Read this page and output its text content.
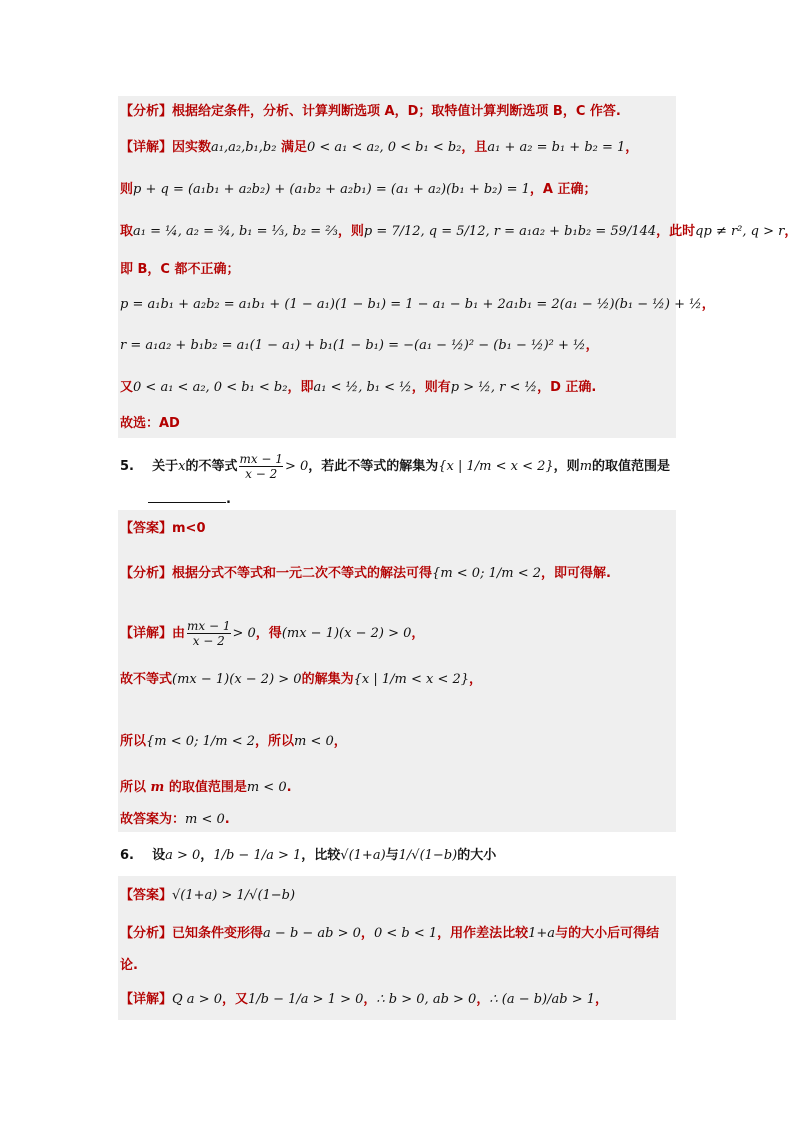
【分析】根据给定条件，分析、计算判断选项 A，D；取特值计算判断选项 B，C 作答.
【详解】因实数a₁,a₂,b₁,b₂ 满足0 < a₁ < a₂, 0 < b₁ < b₂，且a₁ + a₂ = b₁ + b₂ = 1，
则p + q = (a₁b₁ + a₂b₂) + (a₁b₂ + a₂b₁) = (a₁ + a₂)(b₁ + b₂) = 1，A 正确；
取a₁ = ¼, a₂ = ¾, b₁ = ⅓, b₂ = ⅔，则p = 7/12, q = 5/12, r = a₁a₂ + b₁b₂ = 59/144，此时qp ≠ r², q > r，
即 B，C 都不正确；
p = a₁b₁ + a₂b₂ = a₁b₁ + (1 − a₁)(1 − b₁) = 1 − a₁ − b₁ + 2a₁b₁ = 2(a₁ − ½)(b₁ − ½) + ½，
r = a₁a₂ + b₁b₂ = a₁(1 − a₁) + b₁(1 − b₁) = −(a₁ − ½)² − (b₁ − ½)² + ½，
又0 < a₁ < a₂, 0 < b₁ < b₂，即a₁ < ½, b₁ < ½，则有p > ½, r < ½，D 正确.
故选：AD
5. 关于x的不等式 $\frac{mx - 1}{x - 2} > 0$，若此不等式的解集为{x | 1/m < x < 2}，则m的取值范围是
.
【答案】m<0
【分析】根据分式不等式和一元二次不等式的解法可得{m < 0; 1/m < 2，即可得解.
【详解】由 $\frac{mx - 1}{x - 2} > 0$，得(mx − 1)(x − 2) > 0，
故不等式(mx − 1)(x − 2) > 0的解集为{x | 1/m < x < 2}，
所以{m < 0; 1/m < 2，所以m < 0，
所以 m 的取值范围是m < 0.
故答案为：m < 0.
6. 设a > 0，1/b − 1/a > 1，比较√(1+a)与1/√(1−b)的大小
【答案】√(1+a) > 1/√(1−b)
【分析】已知条件变形得a − b − ab > 0，0 < b < 1，用作差法比较1+a与的大小后可得结
论.
【详解】Q a > 0，又1/b − 1/a > 1 > 0，∴ b > 0, ab > 0，∴ (a − b)/ab > 1，
